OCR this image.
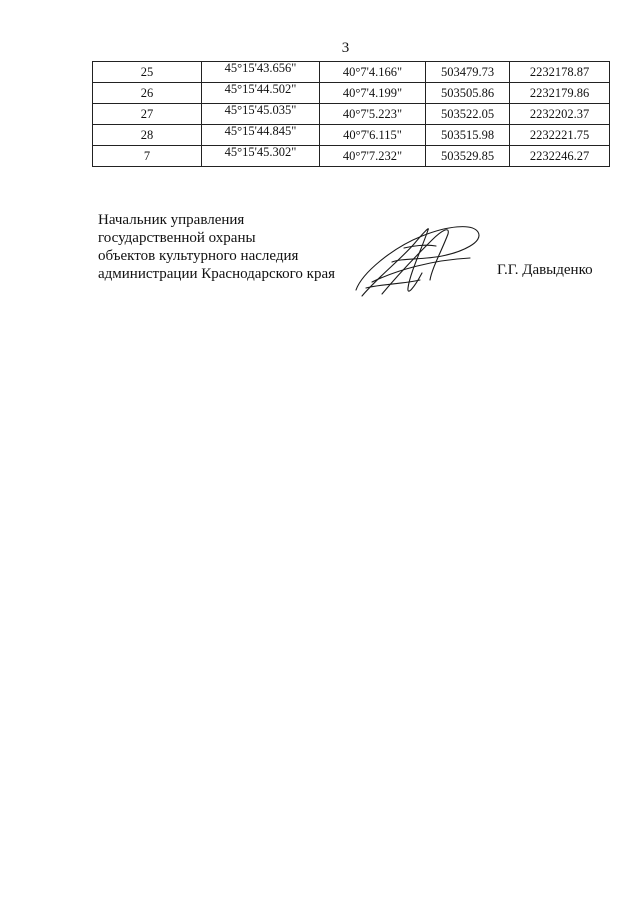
3
25	45°15'43.656"	40°7'4.166"	503479.73	2232178.87
26	45°15'44.502"	40°7'4.199"	503505.86	2232179.86
27	45°15'45.035"	40°7'5.223"	503522.05	2232202.37
28	45°15'44.845"	40°7'6.115"	503515.98	2232221.75
7	45°15'45.302"	40°7'7.232"	503529.85	2232246.27
Начальник управления
государственной охраны
объектов культурного наследия
администрации Краснодарского края	Г.Г. Давыденко
